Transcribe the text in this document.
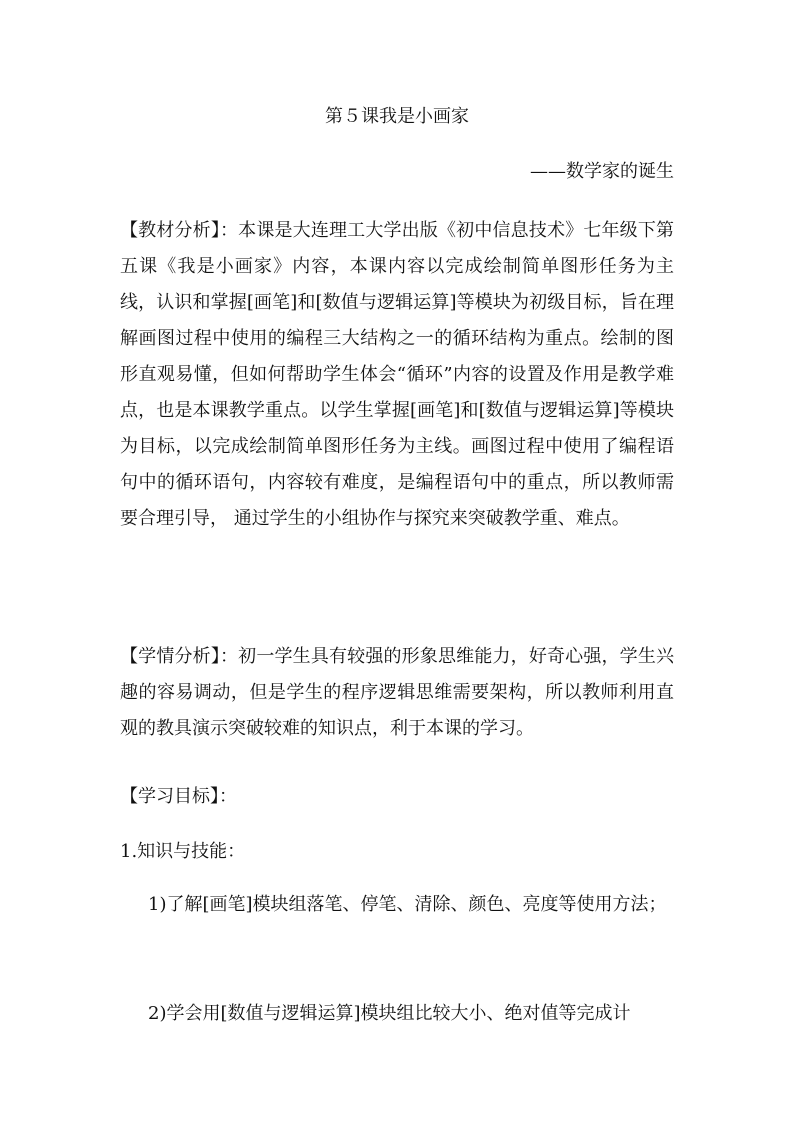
第５课我是小画家
——数学家的诞生
【教材分析】：本课是大连理工大学出版《初中信息技术》七年级下第五课《我是小画家》内容，本课内容以完成绘制简单图形任务为主线，认识和掌握[画笔]和[数值与逻辑运算]等模块为初级目标，旨在理解画图过程中使用的编程三大结构之一的循环结构为重点。绘制的图形直观易懂，但如何帮助学生体会“循环”内容的设置及作用是教学难点，也是本课教学重点。以学生掌握[画笔]和[数值与逻辑运算]等模块为目标，以完成绘制简单图形任务为主线。画图过程中使用了编程语句中的循环语句，内容较有难度，是编程语句中的重点，所以教师需要合理引导， 通过学生的小组协作与探究来突破教学重、难点。
【学情分析】：初一学生具有较强的形象思维能力，好奇心强，学生兴趣的容易调动，但是学生的程序逻辑思维需要架构，所以教师利用直观的教具演示突破较难的知识点，利于本课的学习。
【学习目标】：
1.知识与技能：
1)了解[画笔]模块组落笔、停笔、清除、颜色、亮度等使用方法；
2)学会用[数值与逻辑运算]模块组比较大小、绝对值等完成计
